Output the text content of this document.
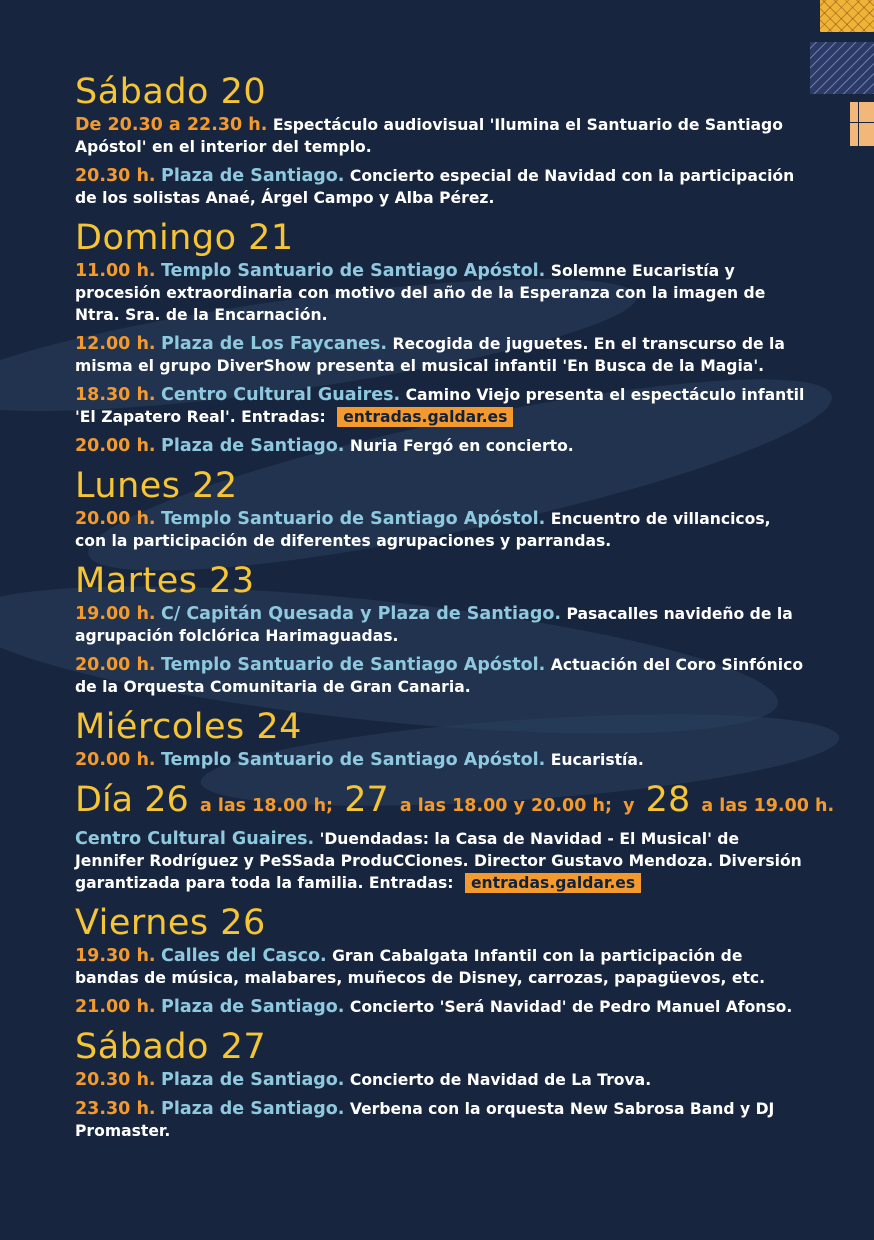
Sábado 20

De 20.30 a 22.30 h. Espectáculo audiovisual 'Ilumina el Santuario de Santiago Apóstol' en el interior del templo.

20.30 h. Plaza de Santiago. Concierto especial de Navidad con la participación de los solistas Anaé, Árgel Campo y Alba Pérez.

Domingo 21

11.00 h. Templo Santuario de Santiago Apóstol. Solemne Eucaristía y procesión extraordinaria con motivo del año de la Esperanza con la imagen de Ntra. Sra. de la Encarnación.

12.00 h. Plaza de Los Faycanes. Recogida de juguetes. En el transcurso de la misma el grupo DiverShow presenta el musical infantil 'En Busca de la Magia'.

18.30 h. Centro Cultural Guaires. Camino Viejo presenta el espectáculo infantil 'El Zapatero Real'. Entradas: entradas.galdar.es

20.00 h. Plaza de Santiago. Nuria Fergó en concierto.

Lunes 22

20.00 h. Templo Santuario de Santiago Apóstol. Encuentro de villancicos, con la participación de diferentes agrupaciones y parrandas.

Martes 23

19.00 h. C/ Capitán Quesada y Plaza de Santiago. Pasacalles navideño de la agrupación folclórica Harimaguadas.

20.00 h. Templo Santuario de Santiago Apóstol. Actuación del Coro Sinfónico de la Orquesta Comunitaria de Gran Canaria.

Miércoles 24

20.00 h. Templo Santuario de Santiago Apóstol. Eucaristía.

Día 26 a las 18.00 h; 27 a las 18.00 y 20.00 h; y 28 a las 19.00 h.

Centro Cultural Guaires. 'Duendadas: la Casa de Navidad - El Musical' de Jennifer Rodríguez y PeSSada ProduCCiones. Director Gustavo Mendoza. Diversión garantizada para toda la familia. Entradas: entradas.galdar.es

Viernes 26

19.30 h. Calles del Casco. Gran Cabalgata Infantil con la participación de bandas de música, malabares, muñecos de Disney, carrozas, papagüevos, etc.

21.00 h. Plaza de Santiago. Concierto 'Será Navidad' de Pedro Manuel Afonso.

Sábado 27

20.30 h. Plaza de Santiago. Concierto de Navidad de La Trova.

23.30 h. Plaza de Santiago. Verbena con la orquesta New Sabrosa Band y DJ Promaster.
